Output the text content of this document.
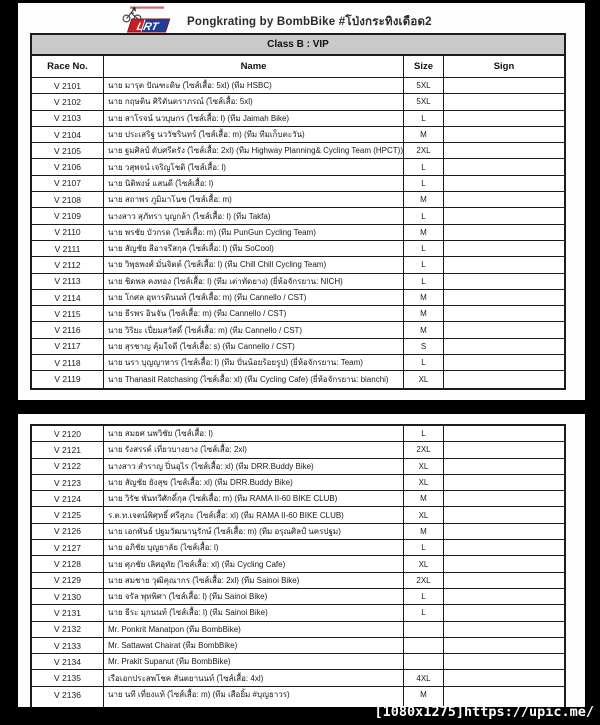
LRT Pongkrating by BombBike #โป่งกระทิงเดือด2
Class B : VIP
Race No.	Name	Size	Sign
V 2101	นาย มารุต ปัณฑะดิษ (ไซส์เสื้อ: 5xl) (ทีม HSBC)	5XL
V 2102	นาย กฤษติน ศิริตันตราภรณ์ (ไซส์เสื้อ: 5xl)	5XL
V 2103	นาย สาโรจน์ นวบุษกร (ไซส์เสื้อ: l) (ทีม Jaimah Bike)	L
V 2104	นาย ประเสริฐ นววัชรินทร์ (ไซส์เสื้อ: m) (ทีม ทีมเก็บตะวัน)	M
V 2105	นาย ฐมศิลป์ ดับศรีตรัง (ไซส์เสื้อ: 2xl) (ทีม Highway Planning& Cycling Team (HPCT))	2XL
V 2106	นาย วสุพจน์ เจริญโชติ (ไซส์เสื้อ: l)	L
V 2107	นาย นิติพงษ์ แสนดี (ไซส์เสื้อ: l)	L
V 2108	นาย สถาพร ภูมิมาโนช (ไซส์เสื้อ: m)	M
V 2109	นางสาว สุภัทรา บุญกล้า (ไซส์เสื้อ: l) (ทีม Takfa)	L
V 2110	นาย พรชัย บัวกรด (ไซส์เสื้อ: m) (ทีม PunGun Cycling Team)	M
V 2111	นาย สัญชัย สีอาจรีสกุล (ไซส์เสื้อ: l) (ทีม SoCool)	L
V 2112	นาย วิพุธพงศ์ มั่นจิตต์ (ไซส์เสื้อ: l) (ทีม Chill Chill Cycling Team)	L
V 2113	นาย ชิดพล คงทอง (ไซส์เสื้อ: l) (ทีม เต่าทัดยาง) (ยี่ห้อจักรยาน: NICH)	L
V 2114	นาย โกศล อุหารตินนท์ (ไซส์เสื้อ: m) (ทีม Cannello / CST)	M
V 2115	นาย ธีรพร อินจัน (ไซส์เสื้อ: m) (ทีม Cannello / CST)	M
V 2116	นาย วิริยะ เปี่ยมสวัสดิ์ (ไซส์เสื้อ: m) (ทีม Cannello / CST)	M
V 2117	นาย สุรชาญ คุ้มใจดี (ไซส์เสื้อ: s) (ทีม Cannello / CST)	S
V 2118	นาย นรา บุญญาหาร (ไซส์เสื้อ: l) (ทีม ปั่นน้อยร้อยรูป) (ยี่ห้อจักรยาน: Team)	L
V 2119	นาย Thanasit Ratchasing (ไซส์เสื้อ: xl) (ทีม Cycling Cafe) (ยี่ห้อจักรยาน: bianchi)	XL
V 2120	นาย สมยศ นพวิชัย (ไซส์เสื้อ: l)	L
V 2121	นาย รังสรรค์ เที่ยวบางยาง (ไซส์เสื้อ: 2xl)	2XL
V 2122	นางสาว สำราญ ปิ่นอุไร (ไซส์เสื้อ: xl) (ทีม DRR.Buddy Bike)	XL
V 2123	นาย สัญชัย ยังสุข (ไซส์เสื้อ: xl) (ทีม DRR.Buddy Bike)	XL
V 2124	นาย วิรัช พันทวีศักดิ์กุล (ไซส์เสื้อ: m) (ทีม RAMA II-60 BIKE CLUB)	M
V 2125	ร.ต.ท.เจตน์พิศุทธิ์ ศรีสุภะ (ไซส์เสื้อ: xl) (ทีม RAMA II-60 BIKE CLUB)	XL
V 2126	นาย เอกพันธ์ ปฐมวัฒนานุรักษ์ (ไซส์เสื้อ: m) (ทีม อรุณศิลป์ นครปฐม)	M
V 2127	นาย อภิชัย บุญยาลัย (ไซส์เสื้อ: l)	L
V 2128	นาย ศุภชัย เลิศอุทัย (ไซส์เสื้อ: xl) (ทีม Cycling Cafe)	XL
V 2129	นาย สมชาย วุฒิคุณากร (ไซส์เสื้อ: 2xl) (ทีม Sainoi Bike)	2XL
V 2130	นาย จรัล พุทพิศา (ไซส์เสื้อ: l) (ทีม Sainoi Bike)	L
V 2131	นาย ธีระ มุกนนท์ (ไซส์เสื้อ: l) (ทีม Sainoi Bike)	L
V 2132	Mr. Ponkrit Manatpon (ทีม BombBike)
V 2133	Mr. Sattawat Chairat (ทีม BombBike)
V 2134	Mr. Prakit Supanut (ทีม BombBike)
V 2135	เรือเอกประสพโชค สันตยานนท์ (ไซส์เสื้อ: 4xl)	4XL
V 2136	นาย นที เที่ยงแท้ (ไซส์เสื้อ: m) (ทีม เสือยิ้ม #บุญธาวร)	M
[1080x1275]https://upic.me/
